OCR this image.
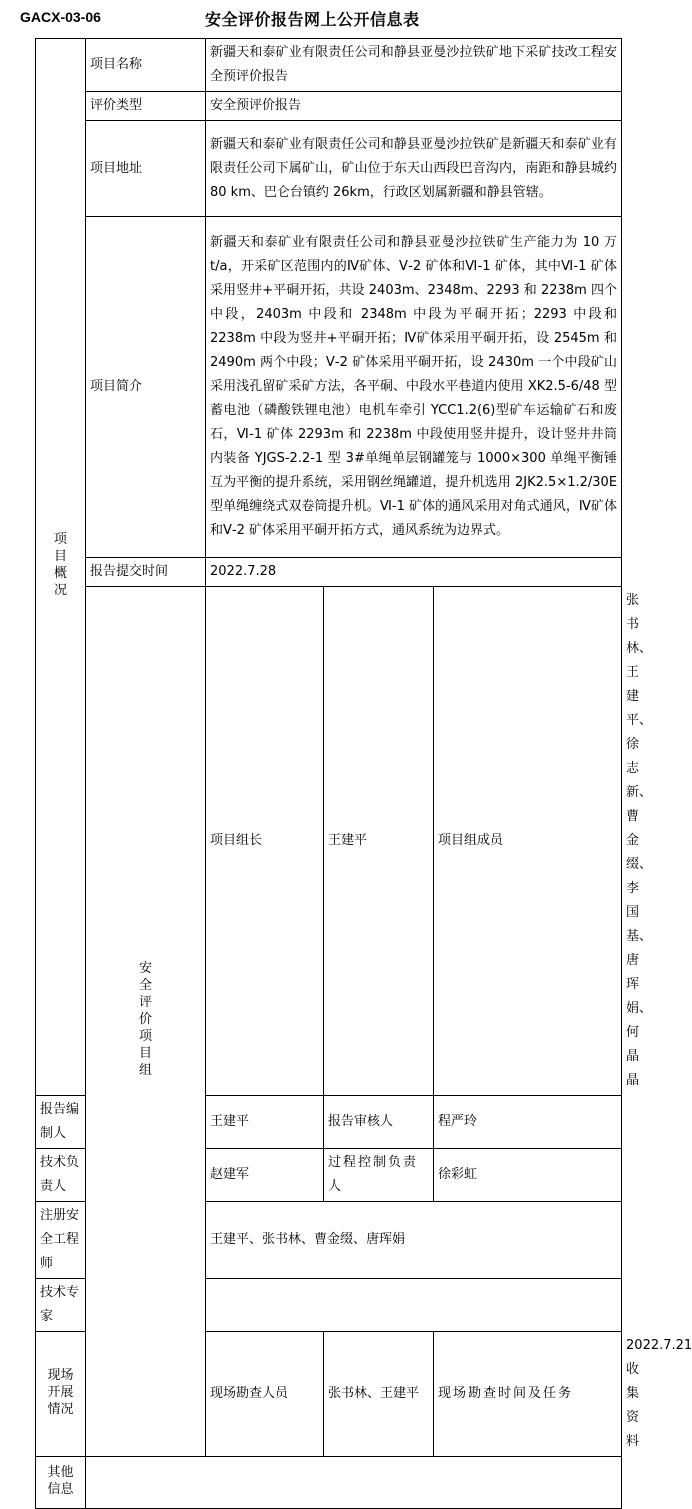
GACX-03-06	安全评价报告网上公开信息表
项目概况	项目名称	新疆天和泰矿业有限责任公司和静县亚曼沙拉铁矿地下采矿技改工程安全预评价报告			
	评价类型	安全预评价报告			
	项目地址	新疆天和泰矿业有限责任公司和静县亚曼沙拉铁矿是新疆天和泰矿业有限责任公司下属矿山，矿山位于东天山西段巴音沟内，南距和静县城约 80 km、巴仑台镇约 26km，行政区划属新疆和静县管辖。			
	项目简介	新疆天和泰矿业有限责任公司和静县亚曼沙拉铁矿生产能力为 10 万 t/a，开采矿区范围内的Ⅳ矿体、Ⅴ-2 矿体和Ⅵ-1 矿体，其中Ⅵ-1 矿体采用竖井+平硐开拓，共设 2403m、2348m、2293 和 2238m 四个中段，2403m 中段和 2348m 中段为平硐开拓；2293 中段和 2238m 中段为竖井+平硐开拓；Ⅳ矿体采用平硐开拓，设 2545m 和 2490m 两个中段；Ⅴ-2 矿体采用平硐开拓，设 2430m 一个中段矿山采用浅孔留矿采矿方法，各平硐、中段水平巷道内使用 XK2.5-6/48 型蓄电池（磷酸铁锂电池）电机车牵引 YCC1.2(6)型矿车运输矿石和废石，Ⅵ-1 矿体 2293m 和 2238m 中段使用竖井提升，设计竖井井筒内装备 YJGS-2.2-1 型 3#单绳单层钢罐笼与 1000×300 单绳平衡锤互为平衡的提升系统，采用钢丝绳罐道，提升机选用 2JK2.5×1.2/30E 型单绳缠绕式双卷筒提升机。Ⅵ-1 矿体的通风采用对角式通风，Ⅳ矿体和Ⅴ-2 矿体采用平硐开拓方式，通风系统为边界式。			
	报告提交时间	2022.7.28			
	安全评价项目组	项目组长	王建平	项目组成员	张书林、王建平、徐志新、曹金缀、李国基、唐珲娟、何晶晶
报告编制人		王建平	报告审核人	程严玲	
技术负责人		赵建军	过程控制负责人	徐彩虹	
注册安全工程师		王建平、张书林、曹金缀、唐珲娟			
技术专家					
现场开展情况		现场勘查人员	张书林、王建平	现场勘查时间及任务	2022.7.21 收集资料
其他信息					
